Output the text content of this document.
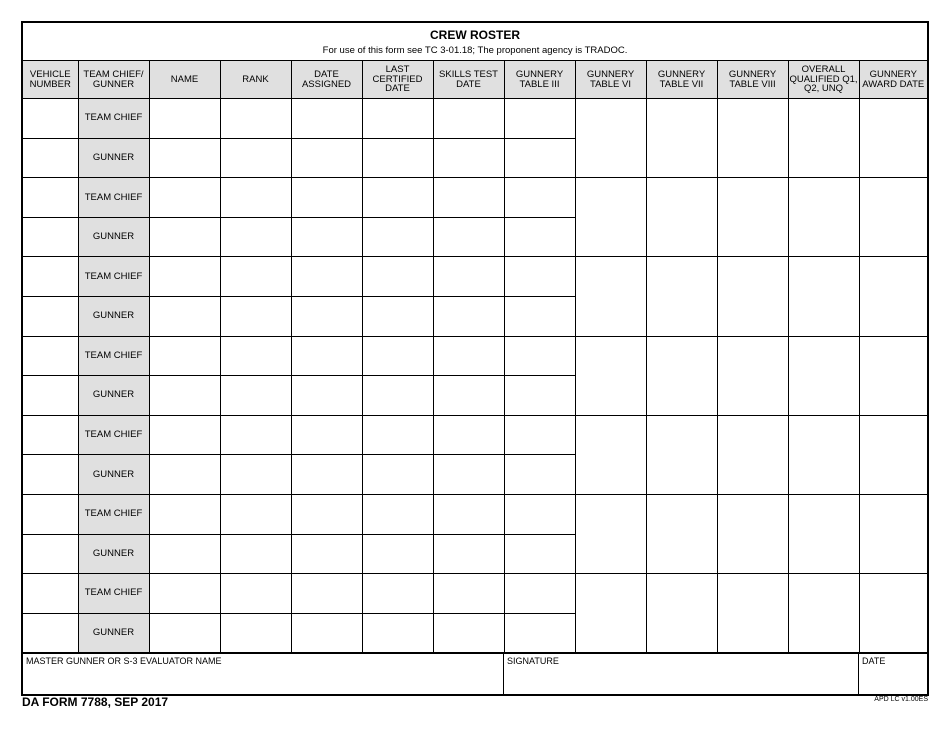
CREW ROSTER
For use of this form see TC 3-01.18; The proponent agency is TRADOC.
VEHICLE NUMBER	TEAM CHIEF/ GUNNER	NAME	RANK	DATE ASSIGNED	LAST CERTIFIED DATE	SKILLS TEST DATE	GUNNERY TABLE III	GUNNERY TABLE VI	GUNNERY TABLE VII	GUNNERY TABLE VIII	OVERALL QUALIFIED Q1, Q2, UNQ	GUNNERY AWARD DATE
	TEAM CHIEF											
	GUNNER											
	TEAM CHIEF											
	GUNNER											
	TEAM CHIEF											
	GUNNER											
	TEAM CHIEF											
	GUNNER											
	TEAM CHIEF											
	GUNNER											
	TEAM CHIEF											
	GUNNER											
	TEAM CHIEF											
	GUNNER											
MASTER GUNNER OR S-3 EVALUATOR NAME	SIGNATURE	DATE
DA FORM 7788, SEP 2017	APD LC v1.00ES
